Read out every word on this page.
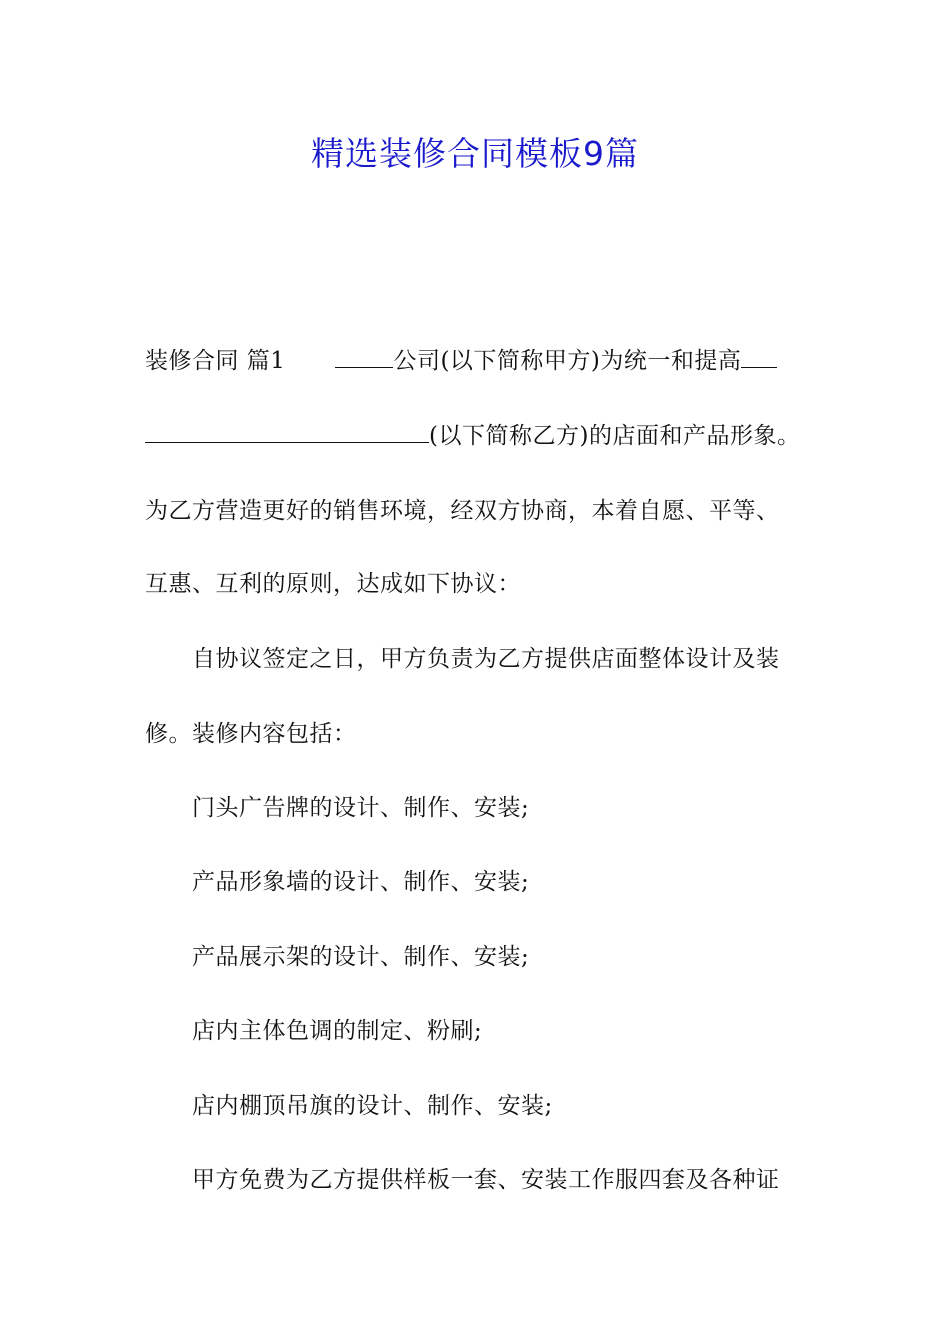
精选装修合同模板9篇
装修合同 篇1	公司(以下简称甲方)为统一和提高
(以下简称乙方)的店面和产品形象。
为乙方营造更好的销售环境，经双方协商，本着自愿、平等、
互惠、互利的原则，达成如下协议：
自协议签定之日，甲方负责为乙方提供店面整体设计及装
修。装修内容包括：
门头广告牌的设计、制作、安装;
产品形象墙的设计、制作、安装;
产品展示架的设计、制作、安装;
店内主体色调的制定、粉刷;
店内棚顶吊旗的设计、制作、安装;
甲方免费为乙方提供样板一套、安装工作服四套及各种证
